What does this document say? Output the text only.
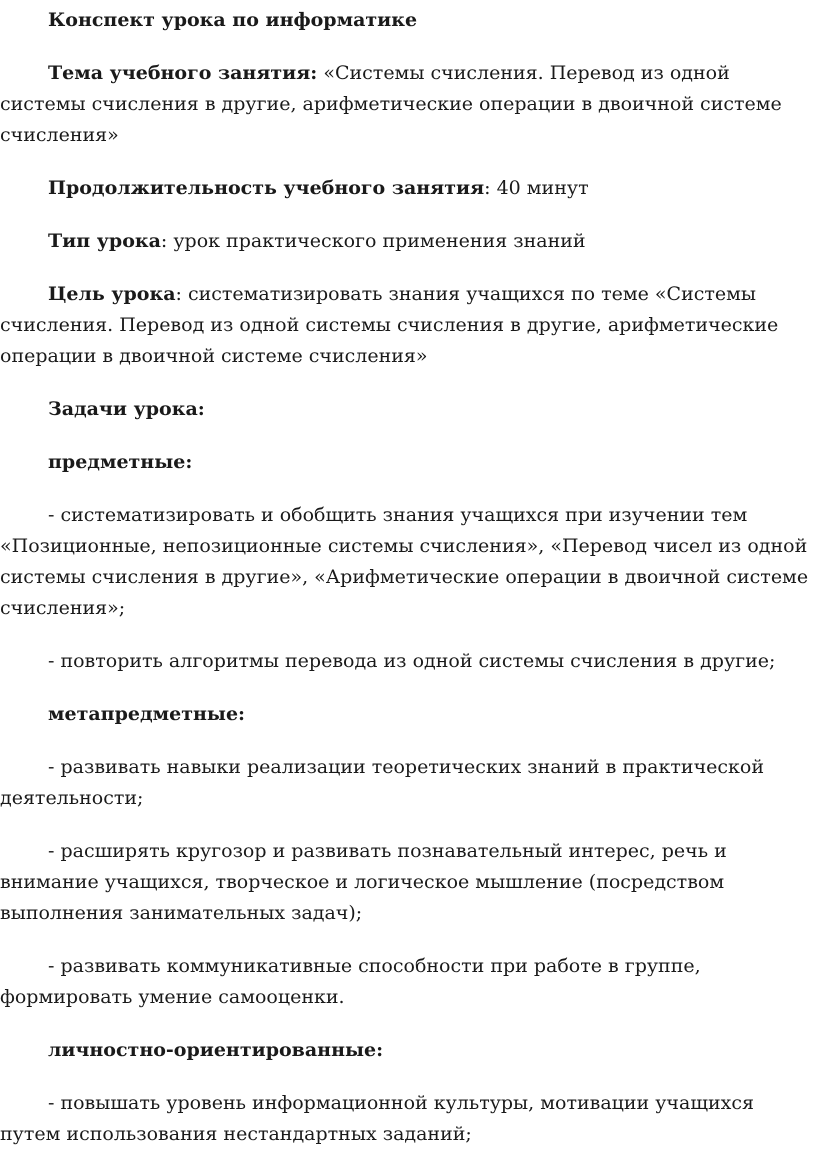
Конспект урока по информатике

Тема учебного занятия: «Системы счисления. Перевод из одной системы счисления в другие, арифметические операции в двоичной системе счисления»

Продолжительность учебного занятия: 40 минут

Тип урока: урок практического применения знаний

Цель урока: систематизировать знания учащихся по теме «Системы счисления. Перевод из одной системы счисления в другие, арифметические операции в двоичной системе счисления»

Задачи урока:

предметные:

- систематизировать и обобщить знания учащихся при изучении тем «Позиционные, непозиционные системы счисления», «Перевод чисел из одной системы счисления в другие», «Арифметические операции в двоичной системе счисления»;

- повторить алгоритмы перевода из одной системы счисления в другие;

метапредметные:

- развивать навыки реализации теоретических знаний в практической деятельности;

- расширять кругозор и развивать познавательный интерес, речь и внимание учащихся, творческое и логическое мышление (посредством выполнения занимательных задач);

- развивать коммуникативные способности при работе в группе, формировать умение самооценки.

личностно-ориентированные:

- повышать уровень информационной культуры, мотивации учащихся путем использования нестандартных заданий;
